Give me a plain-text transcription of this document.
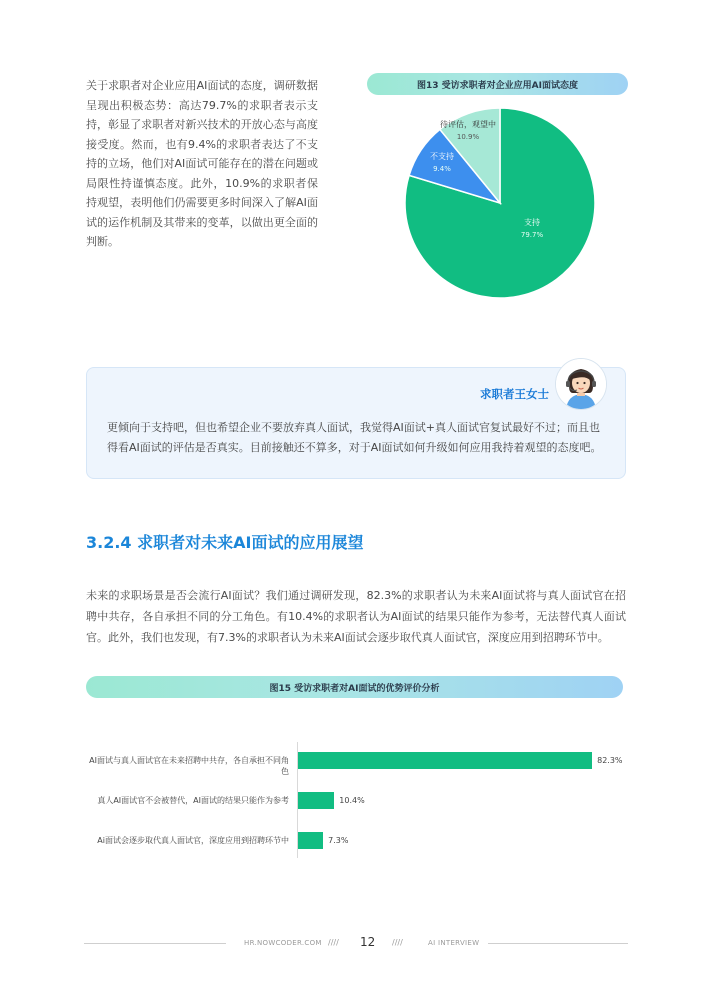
关于求职者对企业应用AI面试的态度，调研数据呈现出积极态势：高达79.7%的求职者表示支持，彰显了求职者对新兴技术的开放心态与高度接受度。然而，也有9.4%的求职者表达了不支持的立场，他们对AI面试可能存在的潜在问题或局限性持谨慎态度。此外，10.9%的求职者保持观望，表明他们仍需要更多时间深入了解AI面试的运作机制及其带来的变革，以做出更全面的判断。
图13 受访求职者对企业应用AI面试态度
支持
79.7%
不支持
9.4%
待评估，观望中
10.9%
求职者王女士
更倾向于支持吧，但也希望企业不要放弃真人面试，我觉得AI面试+真人面试官复试最好不过；而且也得看AI面试的评估是否真实。目前接触还不算多，对于AI面试如何升级如何应用我持着观望的态度吧。
3.2.4 求职者对未来AI面试的应用展望
未来的求职场景是否会流行AI面试？我们通过调研发现，82.3%的求职者认为未来AI面试将与真人面试官在招聘中共存，各自承担不同的分工角色。有10.4%的求职者认为AI面试的结果只能作为参考，无法替代真人面试官。此外，我们也发现，有7.3%的求职者认为未来AI面试会逐步取代真人面试官，深度应用到招聘环节中。
图15 受访求职者对AI面试的优势评价分析
AI面试与真人面试官在未来招聘中共存，各自承担不同角色
82.3%
真人AI面试官不会被替代，AI面试的结果只能作为参考	10.4%
Ai面试会逐步取代真人面试官，深度应用到招聘环节中	7.3%
HR.NOWCODER.COM //// 12 ////	AI INTERVIEW
